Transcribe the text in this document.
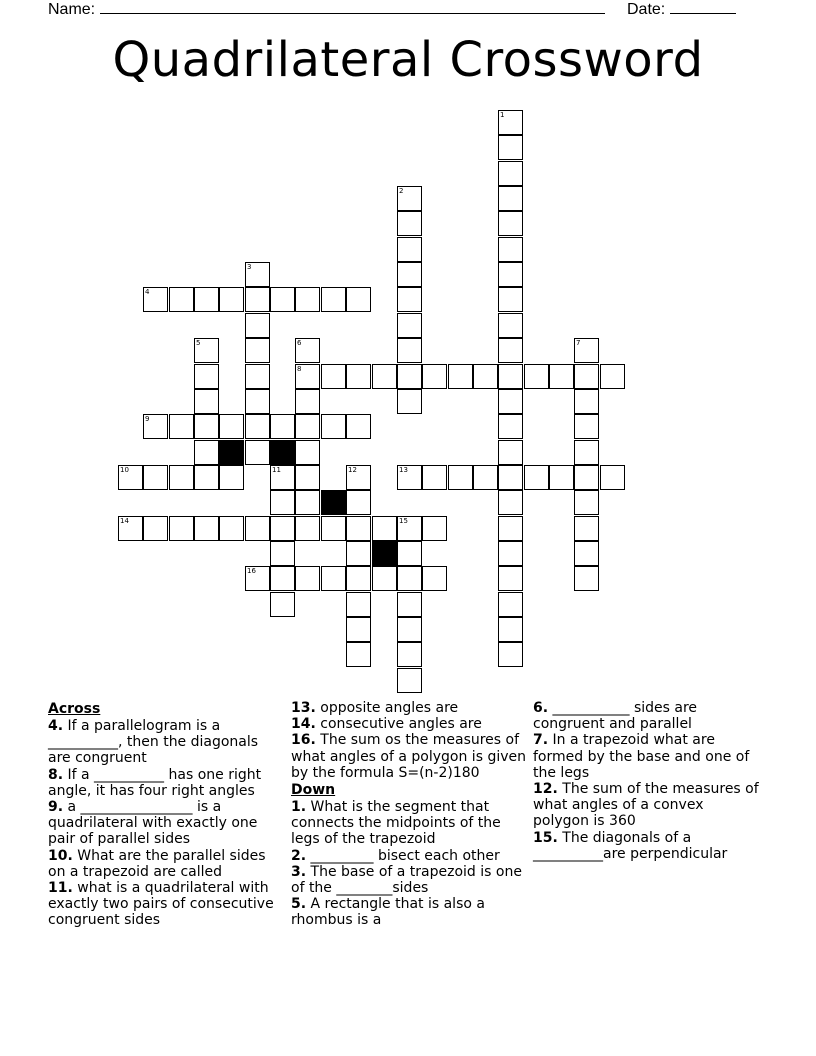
Name:	Date:
Quadrilateral Crossword
1
2
3
4
5	6
8
7
9
10	11	12	13
14	15
16
Across

4. If a parallelogram is a __________, then the diagonals are congruent

8. If a __________ has one right angle, it has four right angles

9. a ________________ is a quadrilateral with exactly one pair of parallel sides

10. What are the parallel sides on a trapezoid are called

11. what is a quadrilateral with exactly two pairs of consecutive congruent sides

13. opposite angles are

14. consecutive angles are

16. The sum os the measures of what angles of a polygon is given by the formula S=(n-2)180

Down

1. What is the segment that connects the midpoints of the legs of the trapezoid

2. _________ bisect each other

3. The base of a trapezoid is one of the ________sides

5. A rectangle that is also a rhombus is a

6. ___________ sides are congruent and parallel

7. In a trapezoid what are formed by the base and one of the legs

12. The sum of the measures of what angles of a convex polygon is 360

15. The diagonals of a __________are perpendicular
